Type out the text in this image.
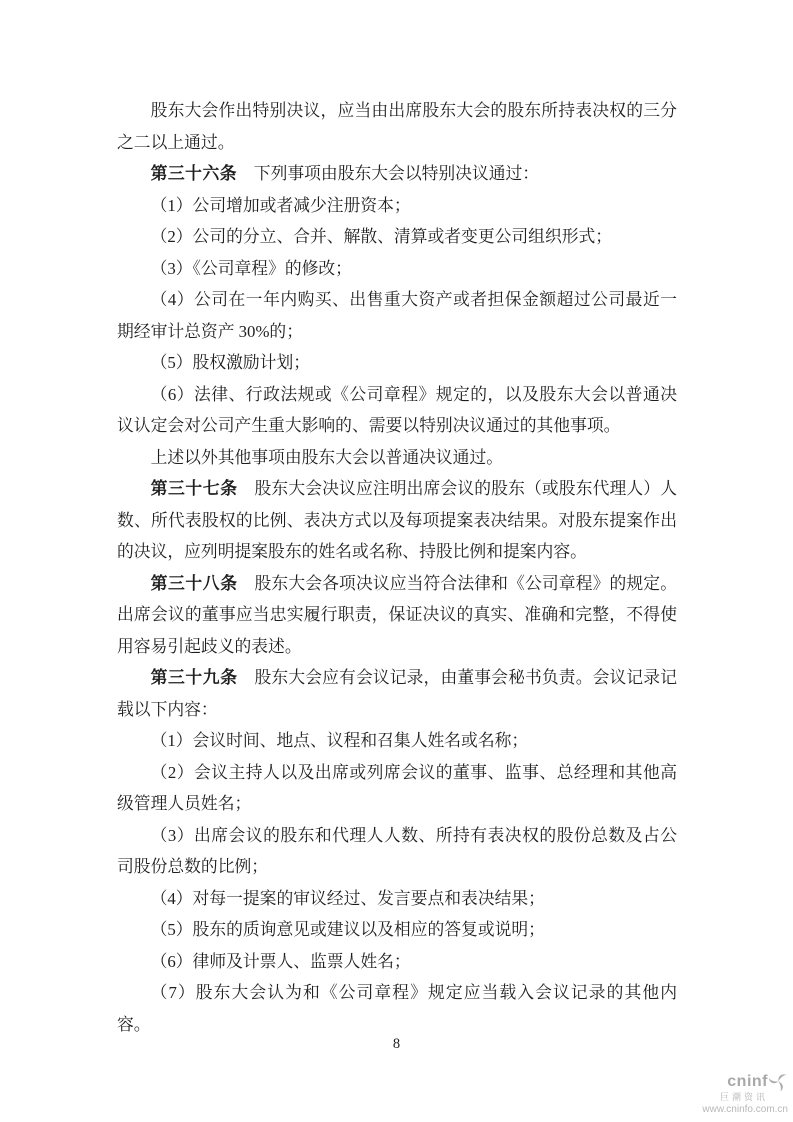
股东大会作出特别决议，应当由出席股东大会的股东所持表决权的三分之二以上通过。

第三十六条　下列事项由股东大会以特别决议通过：

（1）公司增加或者减少注册资本；

（2）公司的分立、合并、解散、清算或者变更公司组织形式；

（3）《公司章程》的修改；

（4）公司在一年内购买、出售重大资产或者担保金额超过公司最近一期经审计总资产 30%的；

（5）股权激励计划；

（6）法律、行政法规或《公司章程》规定的，以及股东大会以普通决议认定会对公司产生重大影响的、需要以特别决议通过的其他事项。

上述以外其他事项由股东大会以普通决议通过。

第三十七条　股东大会决议应注明出席会议的股东（或股东代理人）人数、所代表股权的比例、表决方式以及每项提案表决结果。对股东提案作出的决议，应列明提案股东的姓名或名称、持股比例和提案内容。

第三十八条　股东大会各项决议应当符合法律和《公司章程》的规定。出席会议的董事应当忠实履行职责，保证决议的真实、准确和完整，不得使用容易引起歧义的表述。

第三十九条　股东大会应有会议记录，由董事会秘书负责。会议记录记载以下内容：

（1）会议时间、地点、议程和召集人姓名或名称；

（2）会议主持人以及出席或列席会议的董事、监事、总经理和其他高级管理人员姓名；

（3）出席会议的股东和代理人人数、所持有表决权的股份总数及占公司股份总数的比例；

（4）对每一提案的审议经过、发言要点和表决结果；

（5）股东的质询意见或建议以及相应的答复或说明；

（6）律师及计票人、监票人姓名；

（7）股东大会认为和《公司章程》规定应当载入会议记录的其他内容。

8
cninf
巨潮资讯
www.cninfo.com.cn
